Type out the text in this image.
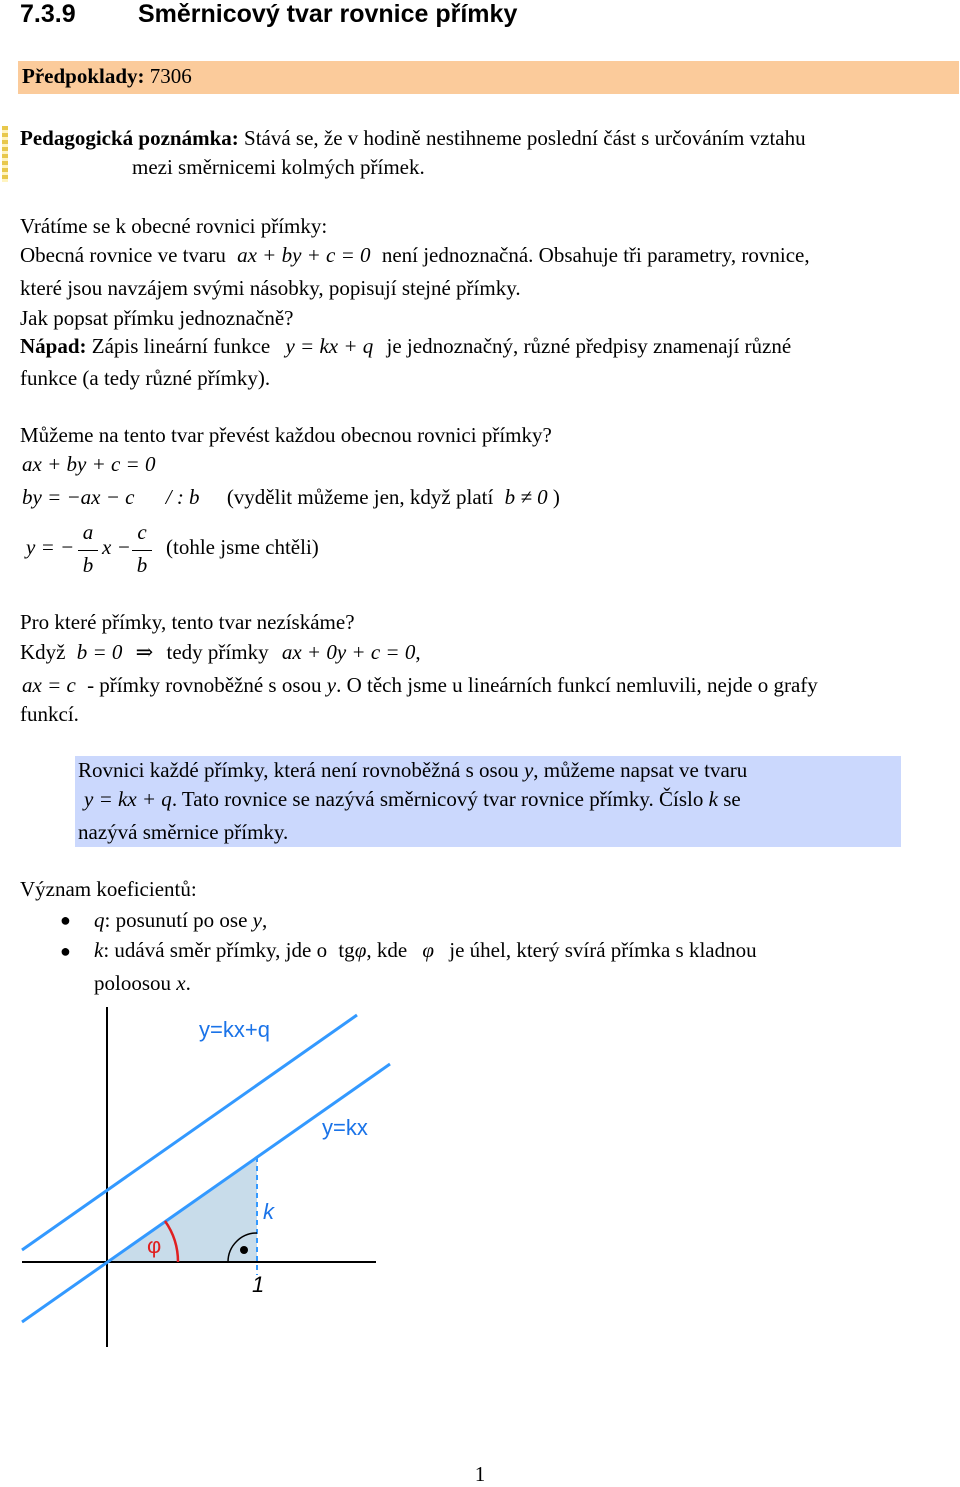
7.3.9 Směrnicový tvar rovnice přímky
Předpoklady: 7306
Pedagogická poznámka: Stává se, že v hodině nestihneme poslední část s určováním vztahu
mezi směrnicemi kolmých přímek.
Vrátíme se k obecné rovnici přímky:
Obecná rovnice ve tvaru ax + by + c = 0 není jednoznačná. Obsahuje tři parametry, rovnice,
které jsou navzájem svými násobky, popisují stejné přímky.
Jak popsat přímku jednoznačně?
Nápad: Zápis lineární funkce y = kx + q je jednoznačný, různé předpisy znamenají různé
funkce (a tedy různé přímky).
Můžeme na tento tvar převést každou obecnou rovnici přímky?
ax + by + c = 0
by = −ax − c / : b (vydělit můžeme jen, když platí b ≠ 0 )
y = −
a
b
x −
c
b
(tohle jsme chtěli)
Pro které přímky, tento tvar nezískáme?
Když b = 0 ⇒ tedy přímky ax + 0y + c = 0,
ax = c - přímky rovnoběžné s osou y. O těch jsme u lineárních funkcí nemluvili, nejde o grafy
funkcí.
Rovnici každé přímky, která není rovnoběžná s osou y, můžeme napsat ve tvaru
y = kx + q. Tato rovnice se nazývá směrnicový tvar rovnice přímky. Číslo k se
nazývá směrnice přímky.
Význam koeficientů:
● q: posunutí po ose y,
● k: udává směr přímky, jde o tgφ, kde φ je úhel, který svírá přímka s kladnou
poloosou x.
y=kx+q
y=kx
k
φ
1
1
